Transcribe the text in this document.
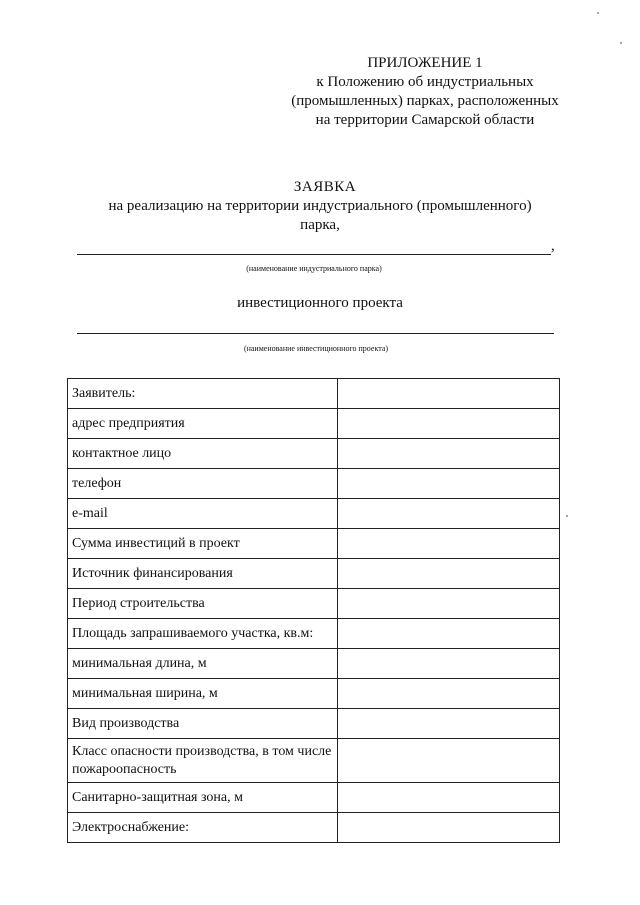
ПРИЛОЖЕНИЕ 1
к Положению об индустриальных
(промышленных) парках, расположенных
на территории Самарской области
ЗАЯВКА
на реализацию на территории индустриального (промышленного)
парка,
,
(наименование индустриального парка)
инвестиционного проекта
(наименование инвестиционного проекта)
Заявитель:	
адрес предприятия	
контактное лицо	
телефон	
e-mail	
Сумма инвестиций в проект	
Источник финансирования	
Период строительства	
Площадь запрашиваемого участка, кв.м:	
минимальная длина, м	
минимальная ширина, м	
Вид производства	
Класс опасности производства, в том числе пожароопасность	
Санитарно-защитная зона, м	
Электроснабжение:	
